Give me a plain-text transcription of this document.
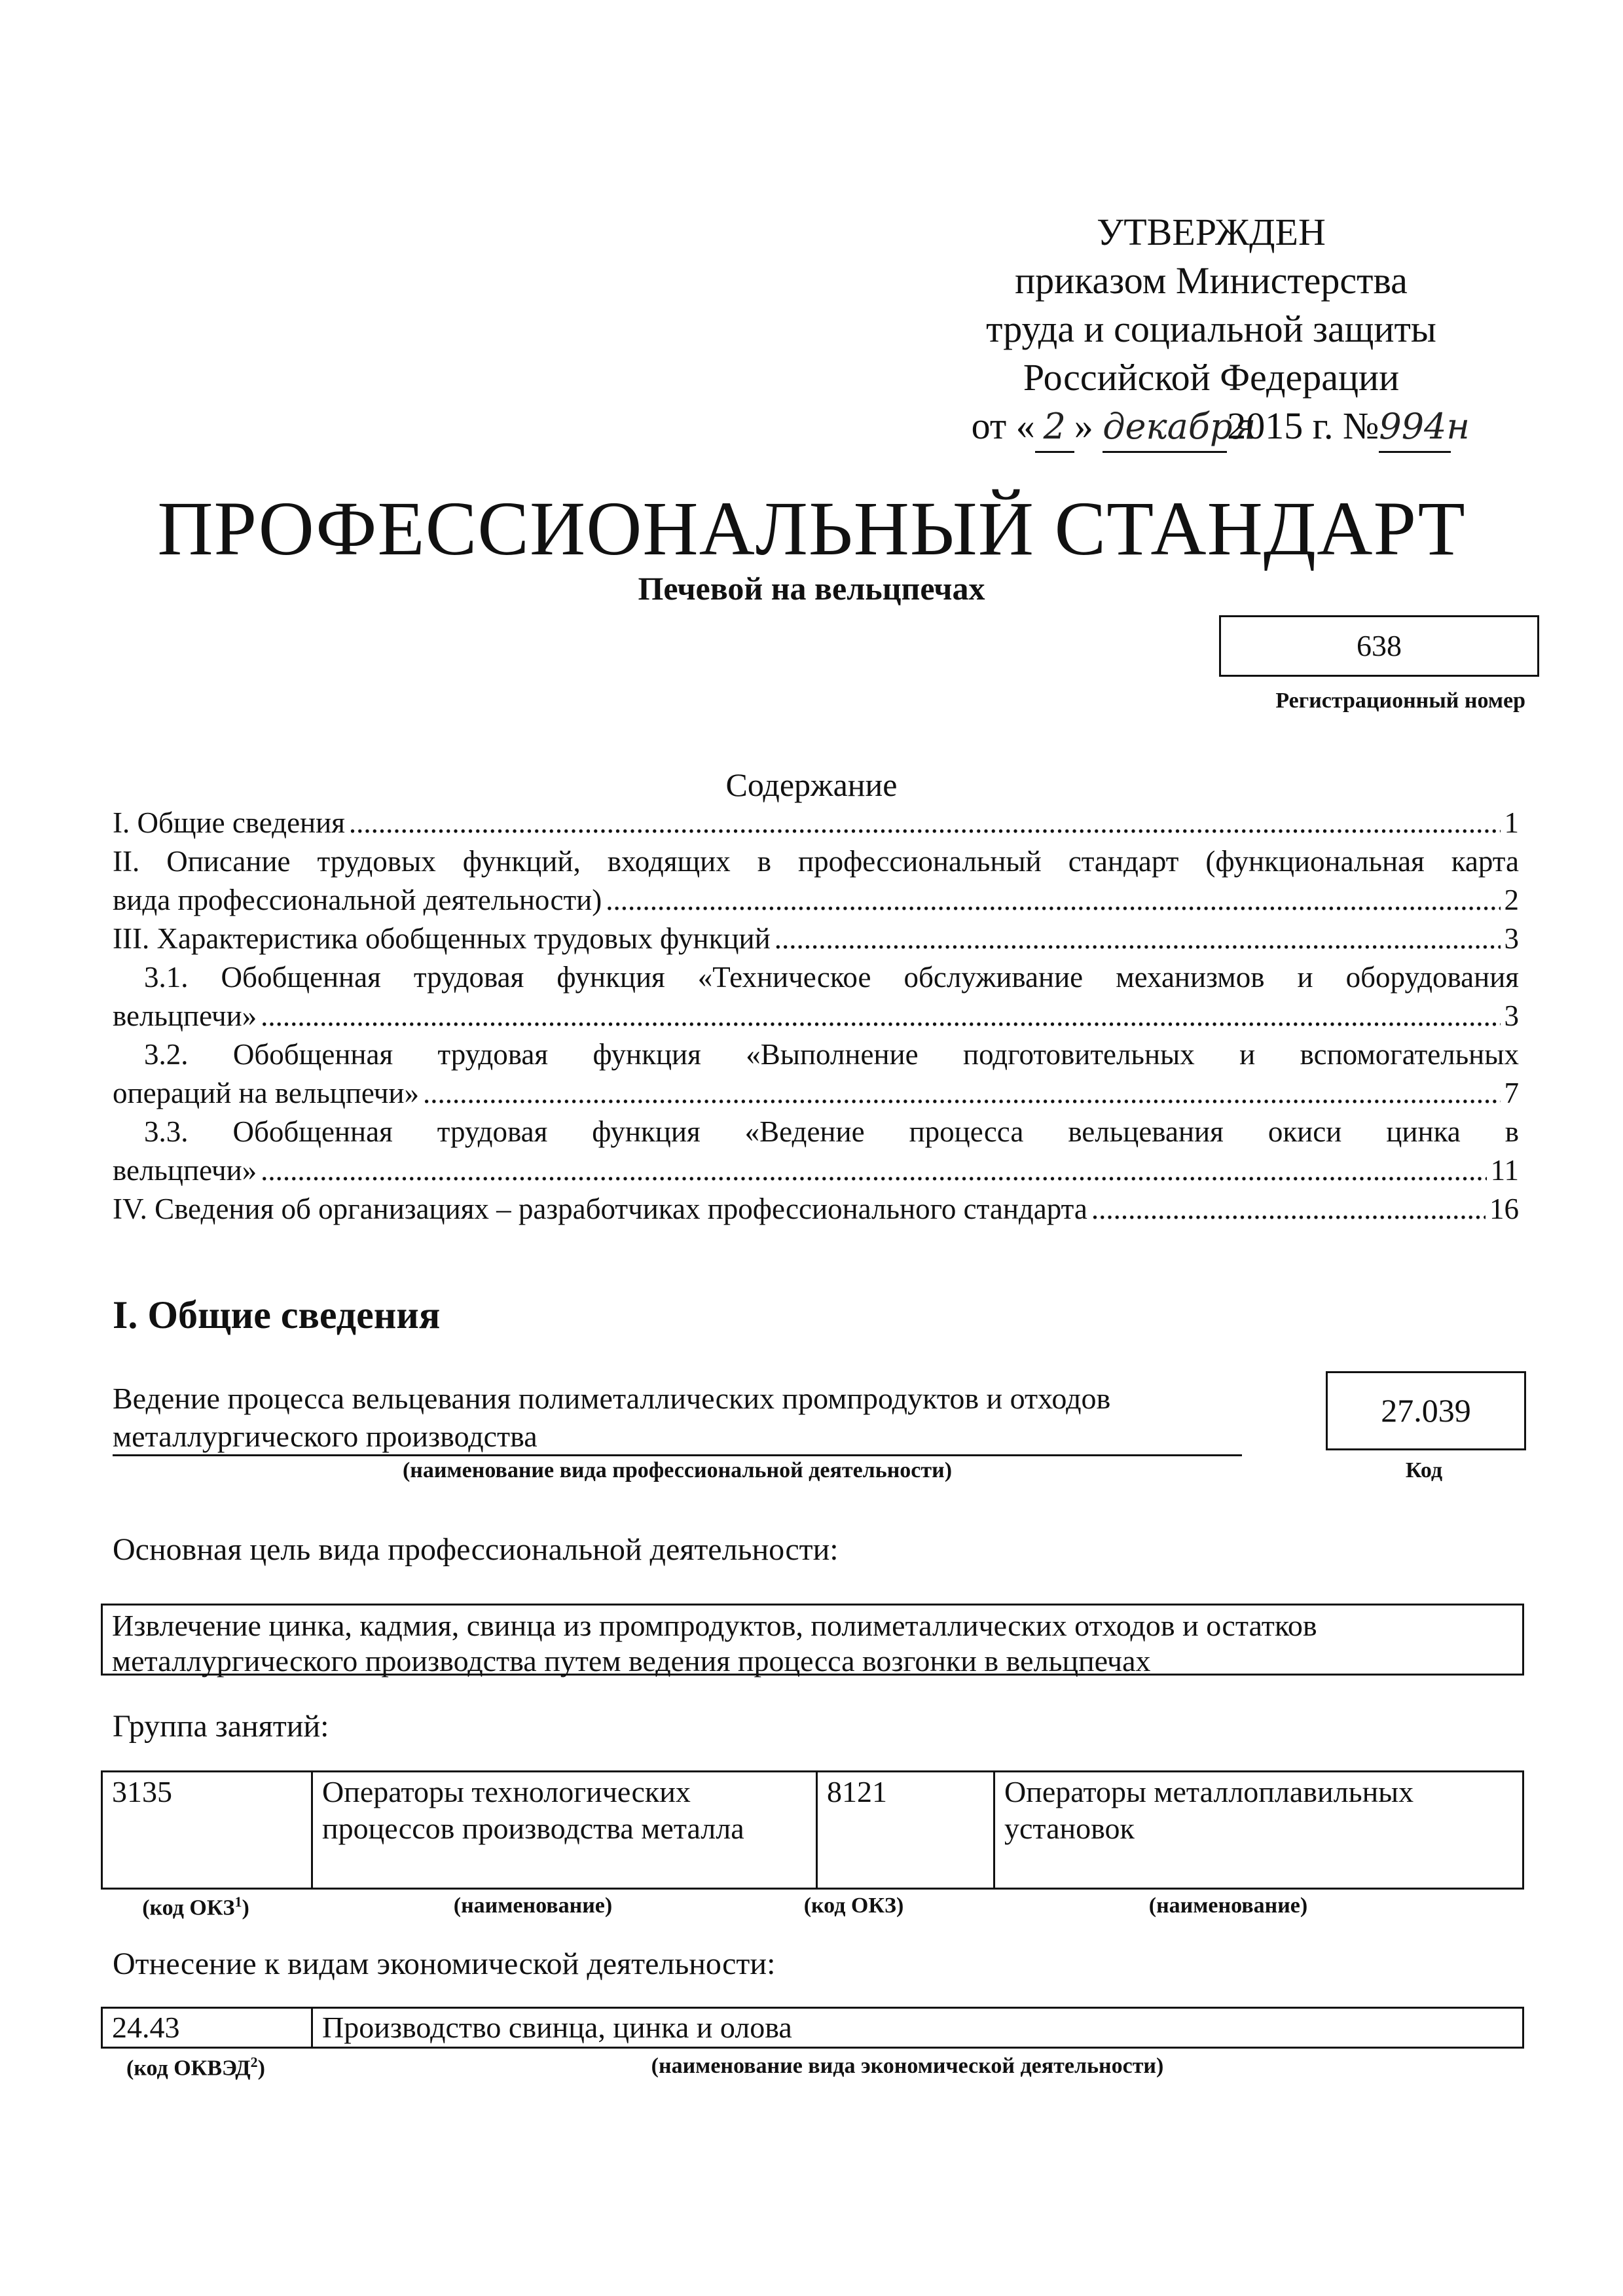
УТВЕРЖДЕН
приказом Министерства
труда и социальной защиты
Российской Федерации
от « 2 » декабря2015 г. №994н
ПРОФЕССИОНАЛЬНЫЙ СТАНДАРТ
Печевой на вельцпечах
638
Регистрационный номер
Содержание
I. Общие сведения .....	1
II. Описание трудовых функций, входящих в профессиональный стандарт (функциональная карта
вида профессиональной деятельности) .....	2
III. Характеристика обобщенных трудовых функций .....	3
3.1. Обобщенная трудовая функция «Техническое обслуживание механизмов и оборудования
вельцпечи» .....	3
3.2. Обобщенная трудовая функция «Выполнение подготовительных и вспомогательных
операций на вельцпечи» .....	7
3.3. Обобщенная трудовая функция «Ведение процесса вельцевания окиси цинка в
вельцпечи» .....	11
IV. Сведения об организациях – разработчиках профессионального стандарта .....	16
I. Общие сведения
Ведение процесса вельцевания полиметаллических промпродуктов и отходов
металлургического производства
(наименование вида профессиональной деятельности)
27.039
Код
Основная цель вида профессиональной деятельности:
Извлечение цинка, кадмия, свинца из промпродуктов, полиметаллических отходов и остатков
металлургического производства путем ведения процесса возгонки в вельцпечах
Группа занятий:
3135	Операторы технологических процессов производства металла	8121	Операторы металлоплавильных установок
(код ОКЗ$^1$)	(наименование)	(код ОКЗ)	(наименование)
Отнесение к видам экономической деятельности:
24.43	Производство свинца, цинка и олова
(код ОКВЭД$^2$)	(наименование вида экономической деятельности)
